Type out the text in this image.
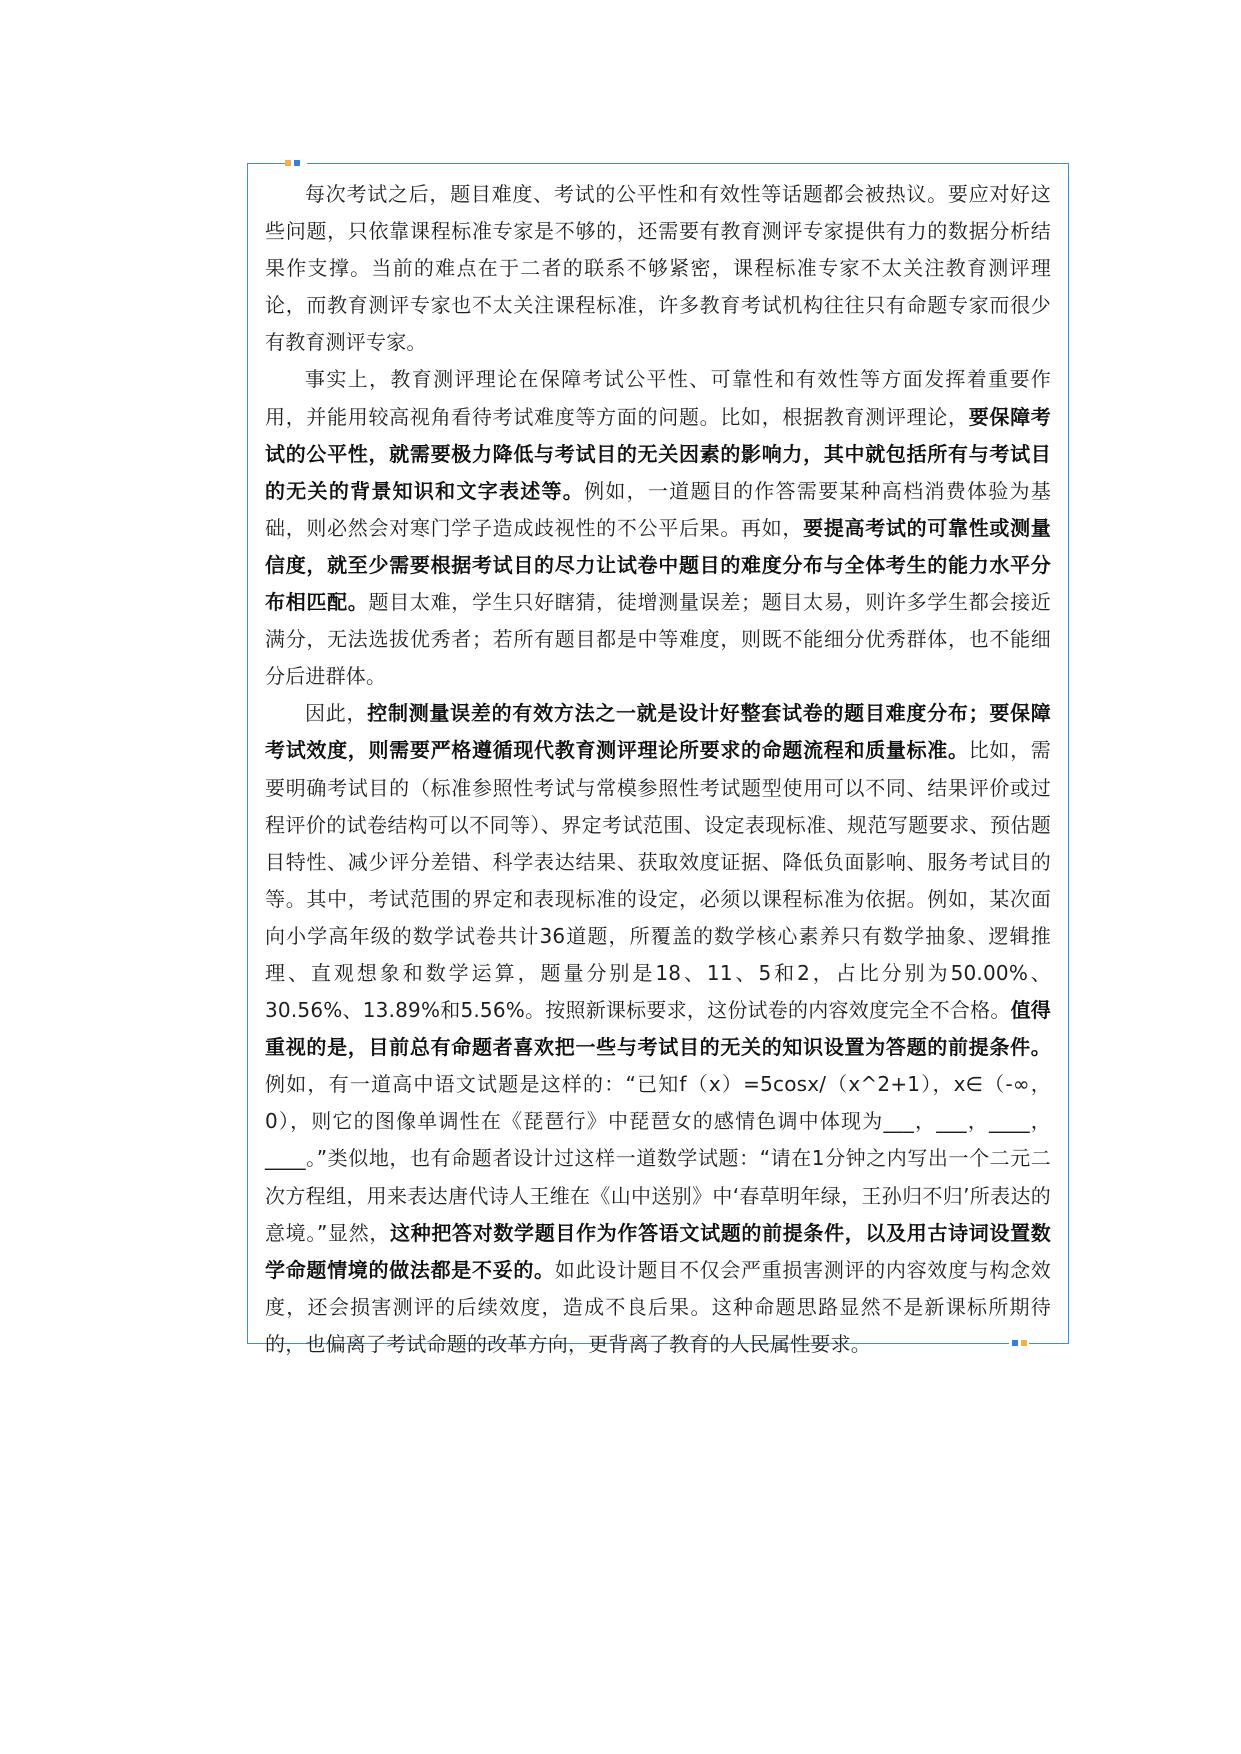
每次考试之后，题目难度、考试的公平性和有效性等话题都会被热议。要应对好这些问题，只依靠课程标准专家是不够的，还需要有教育测评专家提供有力的数据分析结果作支撑。当前的难点在于二者的联系不够紧密，课程标准专家不太关注教育测评理论，而教育测评专家也不太关注课程标准，许多教育考试机构往往只有命题专家而很少有教育测评专家。

事实上，教育测评理论在保障考试公平性、可靠性和有效性等方面发挥着重要作用，并能用较高视角看待考试难度等方面的问题。比如，根据教育测评理论，要保障考试的公平性，就需要极力降低与考试目的无关因素的影响力，其中就包括所有与考试目的无关的背景知识和文字表述等。例如，一道题目的作答需要某种高档消费体验为基础，则必然会对寒门学子造成歧视性的不公平后果。再如，要提高考试的可靠性或测量信度，就至少需要根据考试目的尽力让试卷中题目的难度分布与全体考生的能力水平分布相匹配。题目太难，学生只好瞎猜，徒增测量误差；题目太易，则许多学生都会接近满分，无法选拔优秀者；若所有题目都是中等难度，则既不能细分优秀群体，也不能细分后进群体。

因此，控制测量误差的有效方法之一就是设计好整套试卷的题目难度分布；要保障考试效度，则需要严格遵循现代教育测评理论所要求的命题流程和质量标准。比如，需要明确考试目的（标准参照性考试与常模参照性考试题型使用可以不同、结果评价或过程评价的试卷结构可以不同等）、界定考试范围、设定表现标准、规范写题要求、预估题目特性、减少评分差错、科学表达结果、获取效度证据、降低负面影响、服务考试目的等。其中，考试范围的界定和表现标准的设定，必须以课程标准为依据。例如，某次面向小学高年级的数学试卷共计36道题，所覆盖的数学核心素养只有数学抽象、逻辑推理、直观想象和数学运算，题量分别是18、11、5和2，占比分别为50.00%、30.56%、13.89%和5.56%。按照新课标要求，这份试卷的内容效度完全不合格。值得重视的是，目前总有命题者喜欢把一些与考试目的无关的知识设置为答题的前提条件。例如，有一道高中语文试题是这样的：“已知f（x）=5cosx/（x^2+1），x∈（-∞，0），则它的图像单调性在《琵琶行》中琵琶女的感情色调中体现为___，___，____，____。”类似地，也有命题者设计过这样一道数学试题：“请在1分钟之内写出一个二元二次方程组，用来表达唐代诗人王维在《山中送别》中‘春草明年绿，王孙归不归’所表达的意境。”显然，这种把答对数学题目作为作答语文试题的前提条件，以及用古诗词设置数学命题情境的做法都是不妥的。如此设计题目不仅会严重损害测评的内容效度与构念效度，还会损害测评的后续效度，造成不良后果。这种命题思路显然不是新课标所期待的，也偏离了考试命题的改革方向，更背离了教育的人民属性要求。
